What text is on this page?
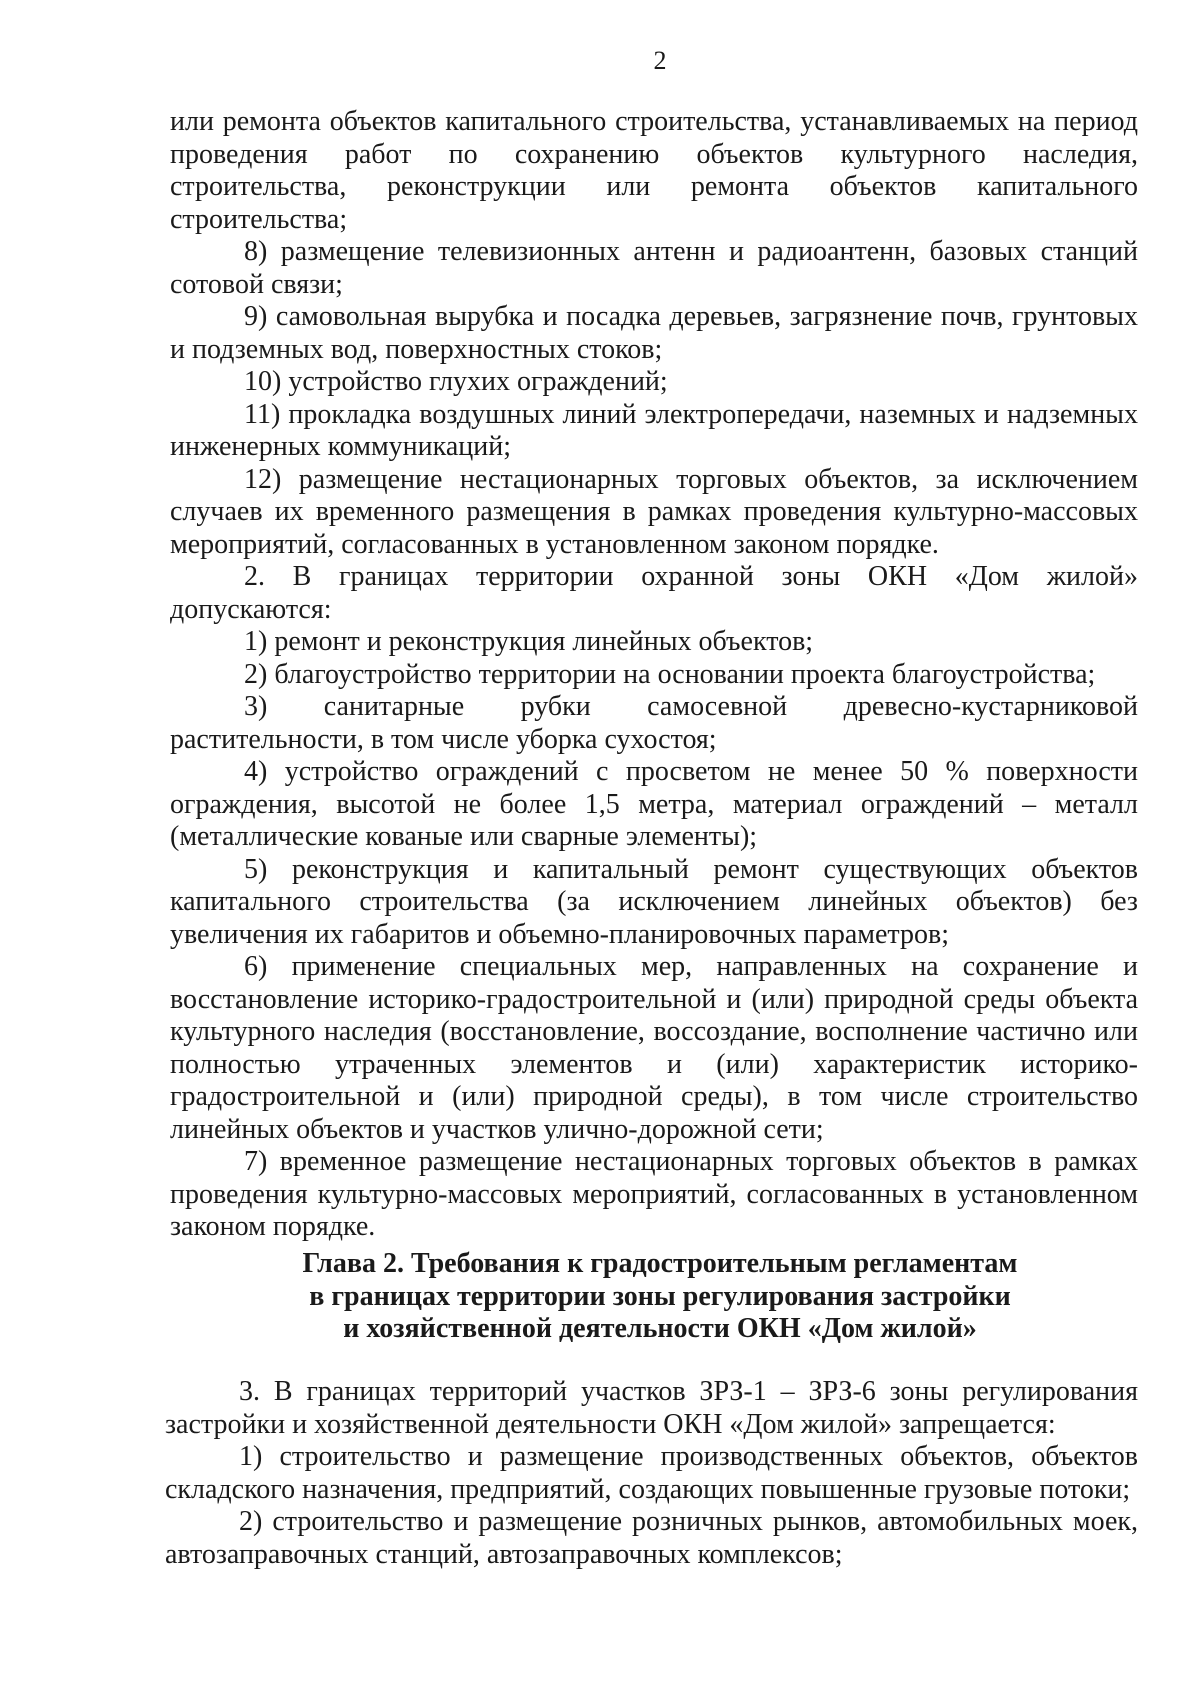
2

или ремонта объектов капитального строительства, устанавливаемых на период проведения работ по сохранению объектов культурного наследия, строительства, реконструкции или ремонта объектов капитального строительства;

8) размещение телевизионных антенн и радиоантенн, базовых станций сотовой связи;

9) самовольная вырубка и посадка деревьев, загрязнение почв, грунтовых и подземных вод, поверхностных стоков;

10) устройство глухих ограждений;

11) прокладка воздушных линий электропередачи, наземных и надземных инженерных коммуникаций;

12) размещение нестационарных торговых объектов, за исключением случаев их временного размещения в рамках проведения культурно-массовых мероприятий, согласованных в установленном законом порядке.

2. В границах территории охранной зоны ОКН «Дом жилой» допускаются:

1) ремонт и реконструкция линейных объектов;

2) благоустройство территории на основании проекта благоустройства;

3) санитарные рубки самосевной древесно-кустарниковой растительности, в том числе уборка сухостоя;

4) устройство ограждений с просветом не менее 50 % поверхности ограждения, высотой не более 1,5 метра, материал ограждений – металл (металлические кованые или сварные элементы);

5) реконструкция и капитальный ремонт существующих объектов капитального строительства (за исключением линейных объектов) без увеличения их габаритов и объемно-планировочных параметров;

6) применение специальных мер, направленных на сохранение и восстановление историко-градостроительной и (или) природной среды объекта культурного наследия (восстановление, воссоздание, восполнение частично или полностью утраченных элементов и (или) характеристик историко-градостроительной и (или) природной среды), в том числе строительство линейных объектов и участков улично-дорожной сети;

7) временное размещение нестационарных торговых объектов в рамках проведения культурно-массовых мероприятий, согласованных в установленном законом порядке.

Глава 2. Требования к градостроительным регламентам
в границах территории зоны регулирования застройки
и хозяйственной деятельности ОКН «Дом жилой»

3. В границах территорий участков ЗРЗ-1 – ЗРЗ-6 зоны регулирования застройки и хозяйственной деятельности ОКН «Дом жилой» запрещается:

1) строительство и размещение производственных объектов, объектов складского назначения, предприятий, создающих повышенные грузовые потоки;

2) строительство и размещение розничных рынков, автомобильных моек, автозаправочных станций, автозаправочных комплексов;
